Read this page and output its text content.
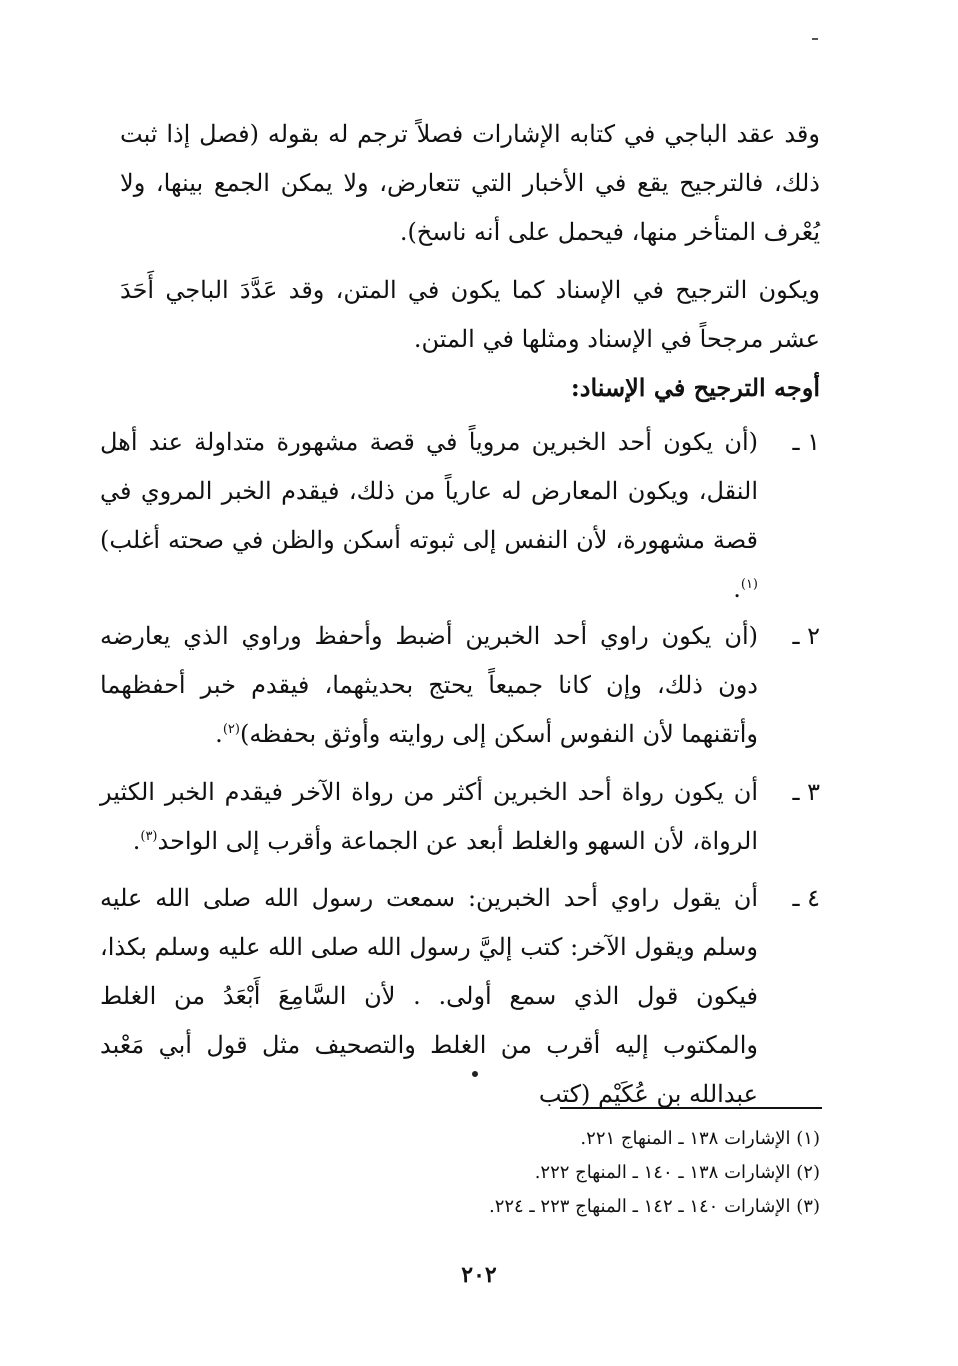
وقد عقد الباجي في كتابه الإشارات فصلاً ترجم له بقوله (فصل إذا ثبت ذلك، فالترجيح يقع في الأخبار التي تتعارض، ولا يمكن الجمع بينها، ولا يُعْرف المتأخر منها، فيحمل على أنه ناسخ).

ويكون الترجيح في الإسناد كما يكون في المتن، وقد عَدَّدَ الباجي أَحَدَ عشر مرجحاً في الإسناد ومثلها في المتن.

أوجه الترجيح في الإسناد:
١ ـ
(أن يكون أحد الخبرين مروياً في قصة مشهورة متداولة عند أهل النقل، ويكون المعارض له عارياً من ذلك، فيقدم الخبر المروي في قصة مشهورة، لأن النفس إلى ثبوته أسكن والظن في صحته أغلب)$^{(١)}$.
٢ ـ
(أن يكون راوي أحد الخبرين أضبط وأحفظ وراوي الذي يعارضه دون ذلك، وإن كانا جميعاً يحتج بحديثهما، فيقدم خبر أحفظهما وأتقنهما لأن النفوس أسكن إلى روايته وأوثق بحفظه)$^{(٢)}$.
٣ ـ
أن يكون رواة أحد الخبرين أكثر من رواة الآخر فيقدم الخبر الكثير الرواة، لأن السهو والغلط أبعد عن الجماعة وأقرب إلى الواحد$^{(٣)}$.
٤ ـ
أن يقول راوي أحد الخبرين: سمعت رسول الله صلى الله عليه وسلم ويقول الآخر: كتب إليَّ رسول الله صلى الله عليه وسلم بكذا، فيكون قول الذي سمع أولى. . لأن السَّامِعَ أَبْعَدُ من الغلط والمكتوب إليه أقرب من الغلط والتصحيف مثل قول أبي مَعْبد عبدالله بن عُكَيْم (كتب
(١) الإشارات ١٣٨ ـ المنهاج ٢٢١.
(٢) الإشارات ١٣٨ ـ ١٤٠ ـ المنهاج ٢٢٢.
(٣) الإشارات ١٤٠ ـ ١٤٢ ـ المنهاج ٢٢٣ ـ ٢٢٤.
٢٠٢
